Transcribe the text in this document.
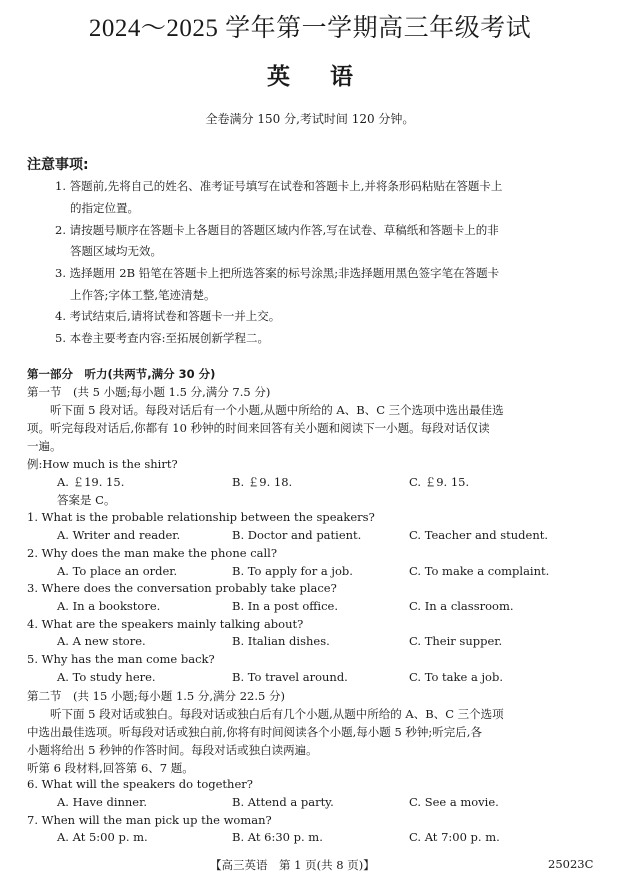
2024～2025 学年第一学期高三年级考试
英 语
全卷满分 150 分,考试时间 120 分钟。
注意事项:
1. 答题前,先将自己的姓名、准考证号填写在试卷和答题卡上,并将条形码粘贴在答题卡上
的指定位置。
2. 请按题号顺序在答题卡上各题目的答题区域内作答,写在试卷、草稿纸和答题卡上的非
答题区域均无效。
3. 选择题用 2B 铅笔在答题卡上把所选答案的标号涂黑;非选择题用黑色签字笔在答题卡
上作答;字体工整,笔迹清楚。
4. 考试结束后,请将试卷和答题卡一并上交。
5. 本卷主要考查内容:至拓展创新学程二。
第一部分　听力(共两节,满分 30 分)
第一节　(共 5 小题;每小题 1.5 分,满分 7.5 分)
　　听下面 5 段对话。每段对话后有一个小题,从题中所给的 A、B、C 三个选项中选出最佳选
项。听完每段对话后,你都有 10 秒钟的时间来回答有关小题和阅读下一小题。每段对话仅读
一遍。
例:How much is the shirt?
A. ￡19. 15.	B. ￡9. 18.	C. ￡9. 15.
答案是 C。
1. What is the probable relationship between the speakers?
A. Writer and reader.	B. Doctor and patient.	C. Teacher and student.
2. Why does the man make the phone call?
A. To place an order.	B. To apply for a job.	C. To make a complaint.
3. Where does the conversation probably take place?
A. In a bookstore.	B. In a post office.	C. In a classroom.
4. What are the speakers mainly talking about?
A. A new store.	B. Italian dishes.	C. Their supper.
5. Why has the man come back?
A. To study here.	B. To travel around.	C. To take a job.
第二节　(共 15 小题;每小题 1.5 分,满分 22.5 分)
　　听下面 5 段对话或独白。每段对话或独白后有几个小题,从题中所给的 A、B、C 三个选项
中选出最佳选项。听每段对话或独白前,你将有时间阅读各个小题,每小题 5 秒钟;听完后,各
小题将给出 5 秒钟的作答时间。每段对话或独白读两遍。
听第 6 段材料,回答第 6、7 题。
6. What will the speakers do together?
A. Have dinner.	B. Attend a party.	C. See a movie.
7. When will the man pick up the woman?
A. At 5:00 p. m.	B. At 6:30 p. m.	C. At 7:00 p. m.
【高三英语　第 1 页(共 8 页)】	25023C
